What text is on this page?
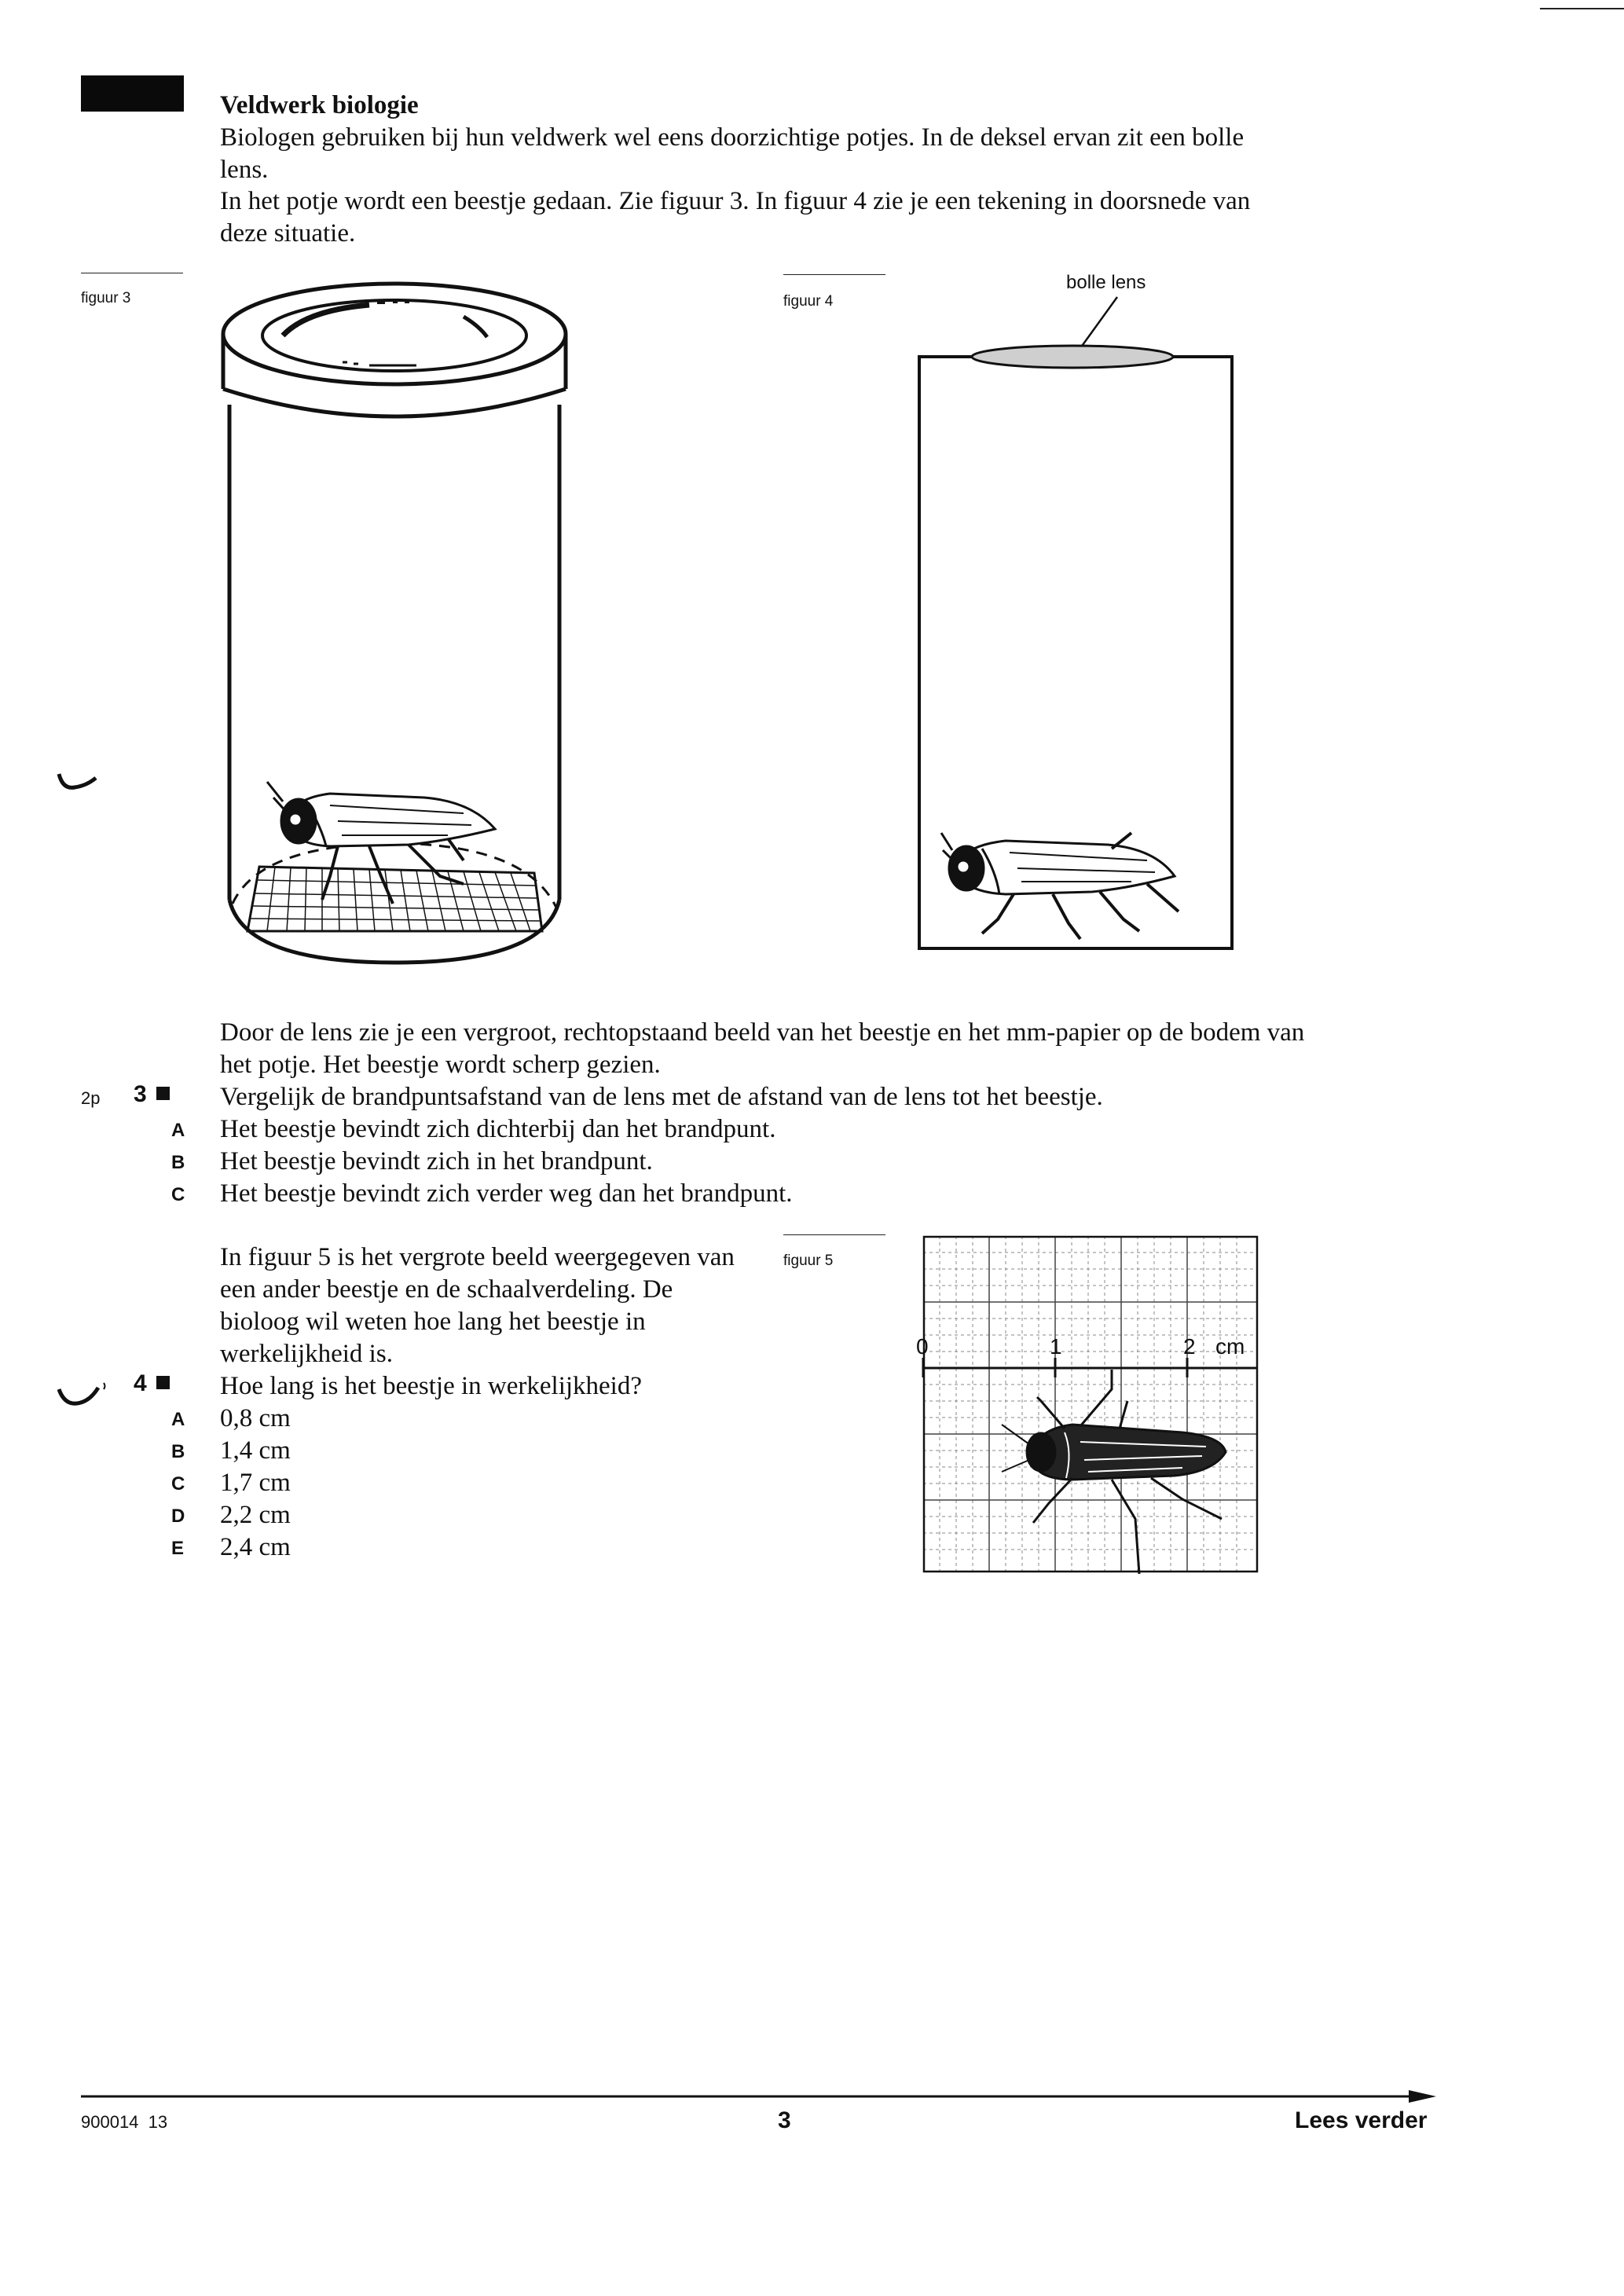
Veldwerk biologie
Biologen gebruiken bij hun veldwerk wel eens doorzichtige potjes. In de deksel ervan zit een bolle lens.
In het potje wordt een beestje gedaan. Zie figuur 3. In figuur 4 zie je een tekening in doorsnede van deze situatie.
figuur 3	figuur 4
bolle lens
Door de lens zie je een vergroot, rechtopstaand beeld van het beestje en het mm-papier op de bodem van het potje. Het beestje wordt scherp gezien.
2p 3	Vergelijk de brandpuntsafstand van de lens met de afstand van de lens tot het beestje.
A Het beestje bevindt zich dichterbij dan het brandpunt.
B Het beestje bevindt zich in het brandpunt.
C Het beestje bevindt zich verder weg dan het brandpunt.
In figuur 5 is het vergrote beeld weergegeven van een ander beestje en de schaalverdeling. De bioloog wil weten hoe lang het beestje in werkelijkheid is.
figuur 5
0	1	2 cm
4	Hoe lang is het beestje in werkelijkheid?
A 0,8 cm
B 1,4 cm
C 1,7 cm
D 2,2 cm
E 2,4 cm
900014  13	3	Lees verder
